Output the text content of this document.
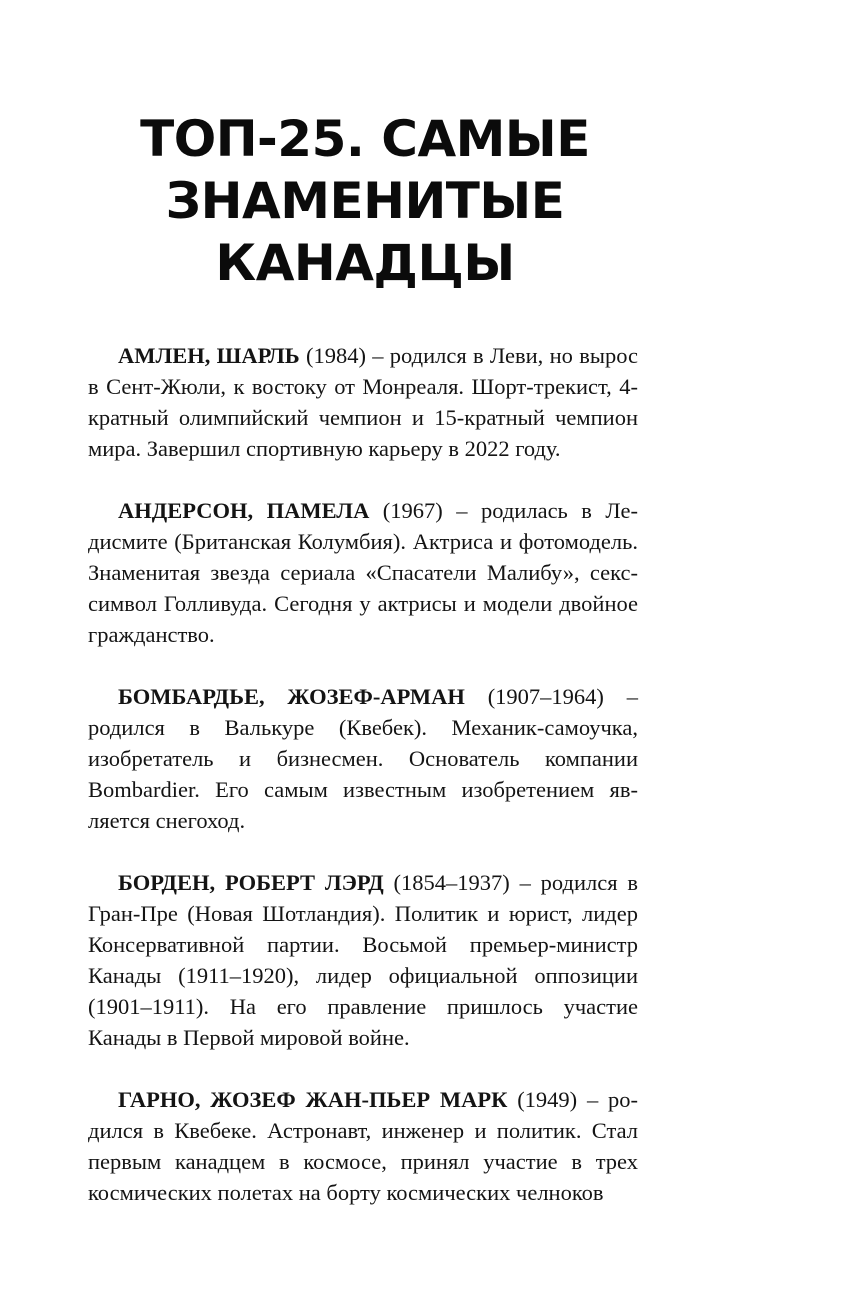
ТОП-25. САМЫЕ
ЗНАМЕНИТЫЕ
КАНАДЦЫ

АМЛЕН, ШАРЛЬ (1984) – родился в Леви, но вырос в Сент-Жюли, к востоку от Монреаля. Шорт-трекист, 4-кратный олимпийский чемпион и 15-кратный чемпион мира. Завершил спортивную карьеру в 2022 году.

АНДЕРСОН, ПАМЕЛА (1967) – родилась в Ледисмите (Британская Колумбия). Актриса и фотомодель. Знаменитая звезда сериала «Спасатели Малибу», секс-символ Голливуда. Сегодня у актрисы и модели двойное гражданство.

БОМБАРДЬЕ, ЖОЗЕФ-АРМАН (1907–1964) – родился в Валькуре (Квебек). Механик-самоучка, изобретатель и бизнесмен. Основатель компании Bombardier. Его самым известным изобретением является снегоход.

БОРДЕН, РОБЕРТ ЛЭРД (1854–1937) – родился в Гран-Пре (Новая Шотландия). Политик и юрист, лидер Консервативной партии. Восьмой премьер-министр Канады (1911–1920), лидер официальной оппозиции (1901–1911). На его правление пришлось участие Канады в Первой мировой войне.

ГАРНО, ЖОЗЕФ ЖАН-ПЬЕР МАРК (1949) – родился в Квебеке. Астронавт, инженер и политик. Стал первым канадцем в космосе, принял участие в трех космических полетах на борту космических челноков
